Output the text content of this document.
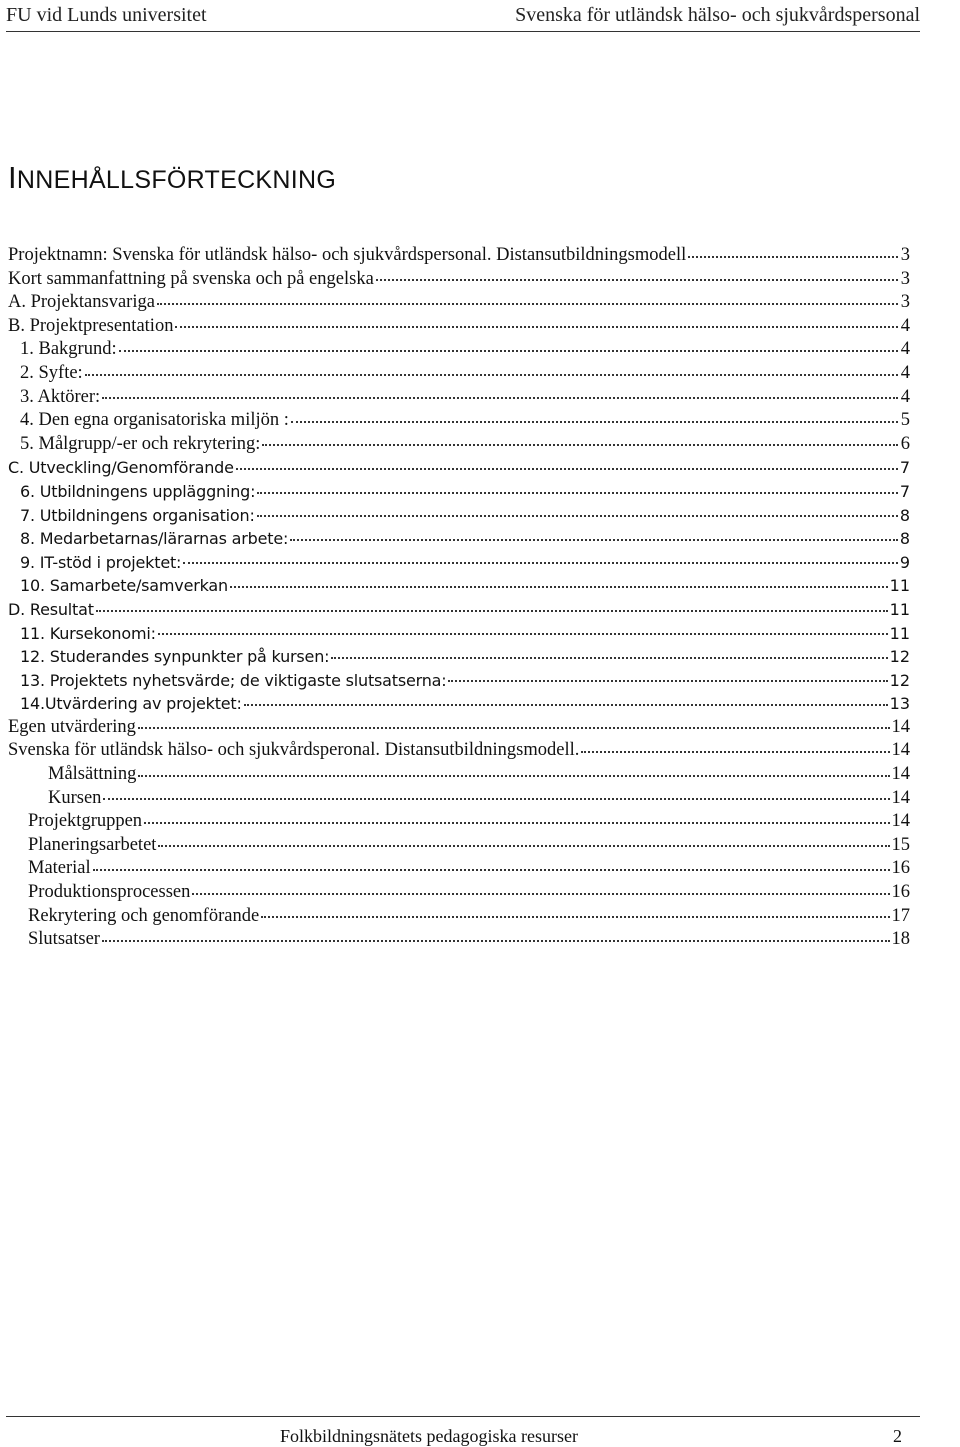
FU vid Lunds universitet	Svenska för utländsk hälso- och sjukvårdspersonal
INNEHÅLLSFÖRTECKNING
Projektnamn: Svenska för utländsk hälso- och sjukvårdspersonal. Distansutbildningsmodell	3
Kort sammanfattning på svenska och på engelska	3
A. Projektansvariga	3
B. Projektpresentation	4
1. Bakgrund:	4
2. Syfte:	4
3. Aktörer:	4
4. Den egna organisatoriska miljön :	5
5. Målgrupp/-er och rekrytering:	6
C. Utveckling/Genomförande	7
6. Utbildningens uppläggning:	7
7. Utbildningens organisation:	8
8. Medarbetarnas/lärarnas arbete:	8
9. IT-stöd i projektet:	9
10. Samarbete/samverkan	11
D. Resultat	11
11. Kursekonomi:	11
12. Studerandes synpunkter på kursen:	12
13. Projektets nyhetsvärde; de viktigaste slutsatserna:	12
14.Utvärdering av projektet:	13
Egen utvärdering	14
Svenska för utländsk hälso- och sjukvårdsperonal. Distansutbildningsmodell.	14
Målsättning	14
Kursen	14
Projektgruppen	14
Planeringsarbetet	15
Material	16
Produktionsprocessen	16
Rekrytering och genomförande	17
Slutsatser	18
Folkbildningsnätets pedagogiska resurser	2
